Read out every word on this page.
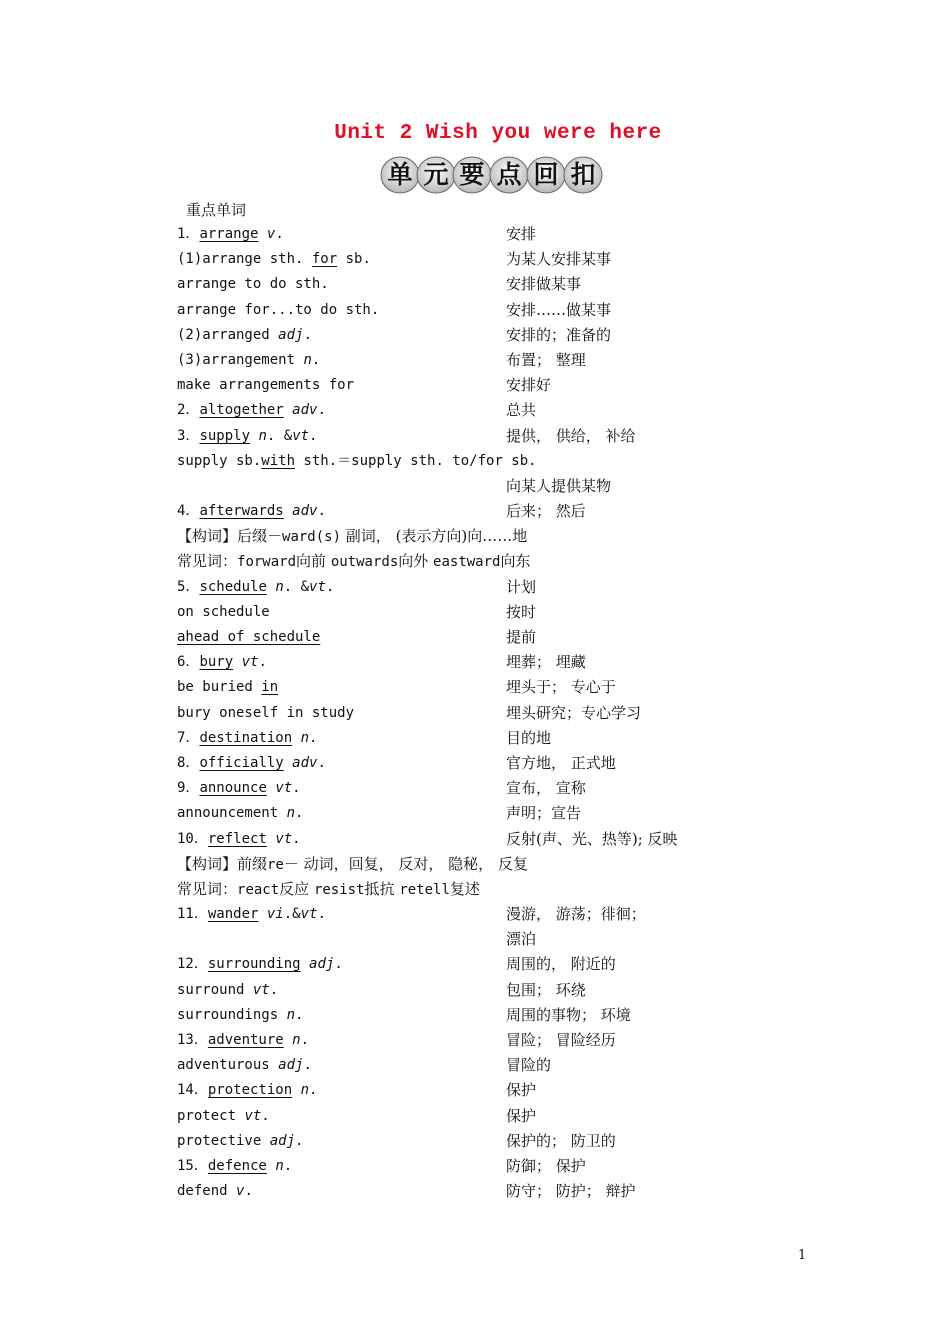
Unit 2 Wish you were here
单 元 要 点 回 扣
重点单词
1．arrange v.	安排
(1)arrange sth. for sb.	为某人安排某事
arrange to do sth.	安排做某事
arrange for...to do sth.	安排……做某事
(2)arranged adj.	安排的；准备的
(3)arrangement n.	布置； 整理
make arrangements for	安排好
2．altogether adv.	总共
3．supply n. &vt.	提供， 供给， 补给
supply sb.with sth.＝supply sth. to/for sb.
向某人提供某物
4．afterwards adv.	后来； 然后
【构词】后缀－ward(s) 副词， (表示方向)向……地
常见词：forward向前 outwards向外 eastward向东
5．schedule n. &vt.	计划
on schedule	按时
ahead of schedule	提前
6．bury vt.	埋葬； 埋藏
be buried in	埋头于； 专心于
bury oneself in study	埋头研究；专心学习
7．destination n.	目的地
8．officially adv.	官方地， 正式地
9．announce vt.	宣布， 宣称
announcement n.	声明；宣告
10．reflect vt.	反射(声、光、热等); 反映
【构词】前缀re－ 动词，回复， 反对， 隐秘， 反复
常见词：react反应 resist抵抗 retell复述
11．wander vi.&vt.	漫游， 游荡；徘徊；
漂泊
12．surrounding adj.	周围的， 附近的
surround vt.	包围； 环绕
surroundings n.	周围的事物； 环境
13．adventure n.	冒险； 冒险经历
adventurous adj.	冒险的
14．protection n.	保护
protect vt.	保护
protective adj.	保护的； 防卫的
15．defence n.	防御； 保护
defend v.	防守； 防护； 辩护
1
